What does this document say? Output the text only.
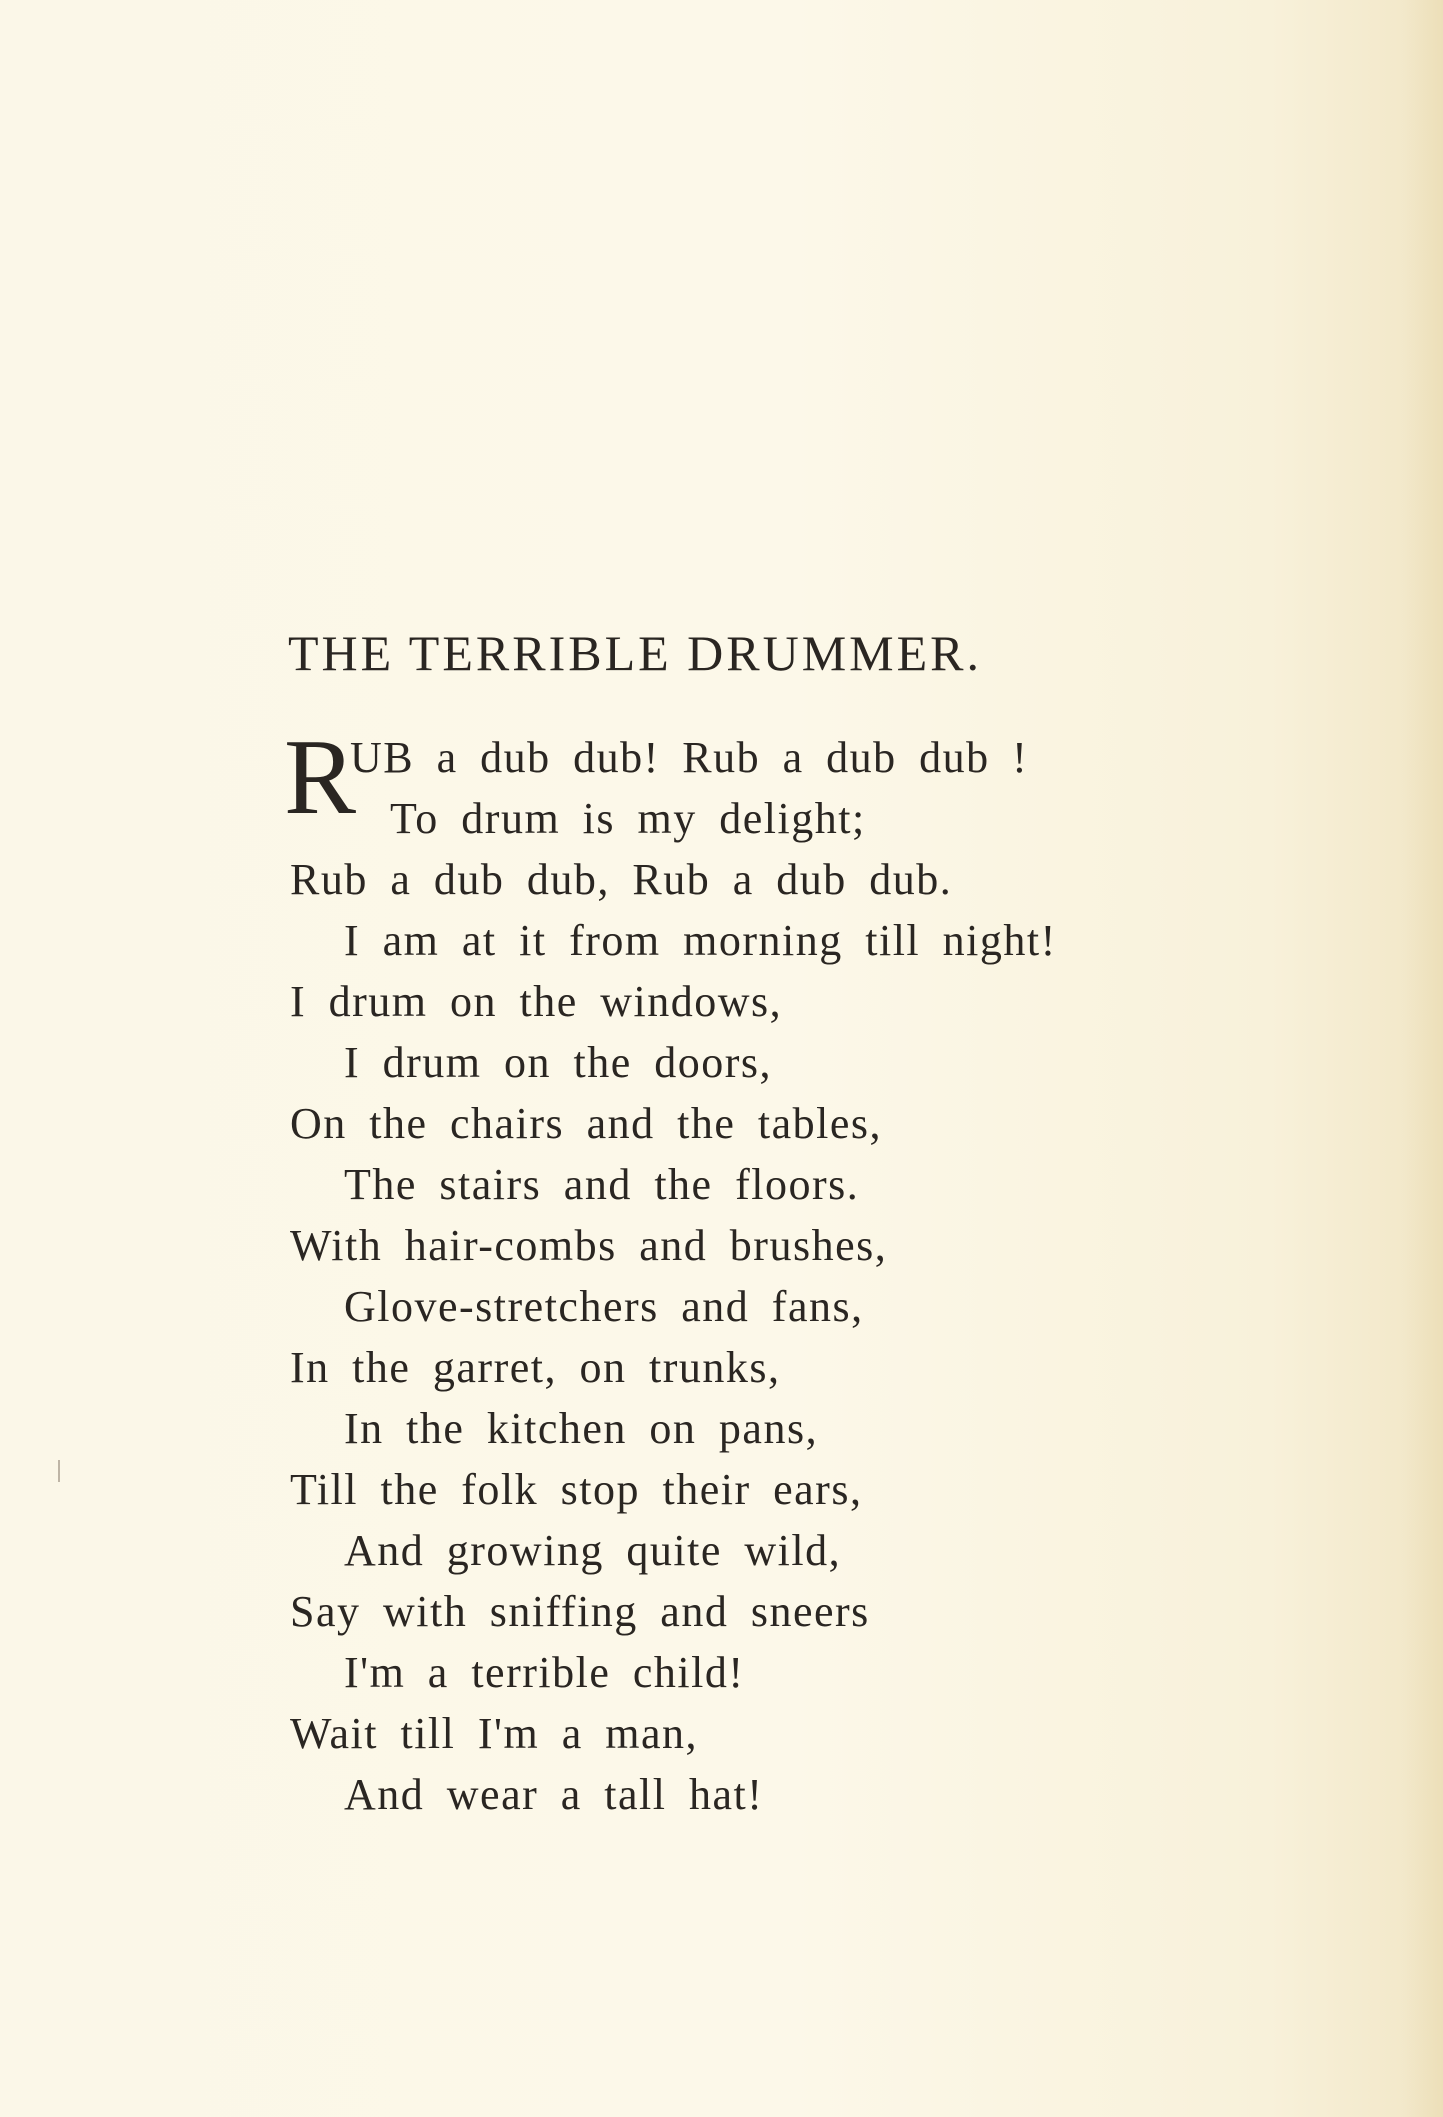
THE TERRIBLE DRUMMER.
R
UB a dub dub! Rub a dub dub !
To drum is my delight;
Rub a dub dub, Rub a dub dub.
I am at it from morning till night!
I drum on the windows,
I drum on the doors,
On the chairs and the tables,
The stairs and the floors.
With hair-combs and brushes,
Glove-stretchers and fans,
In the garret, on trunks,
In the kitchen on pans,
Till the folk stop their ears,
And growing quite wild,
Say with sniffing and sneers
I'm a terrible child!
Wait till I'm a man,
And wear a tall hat!
